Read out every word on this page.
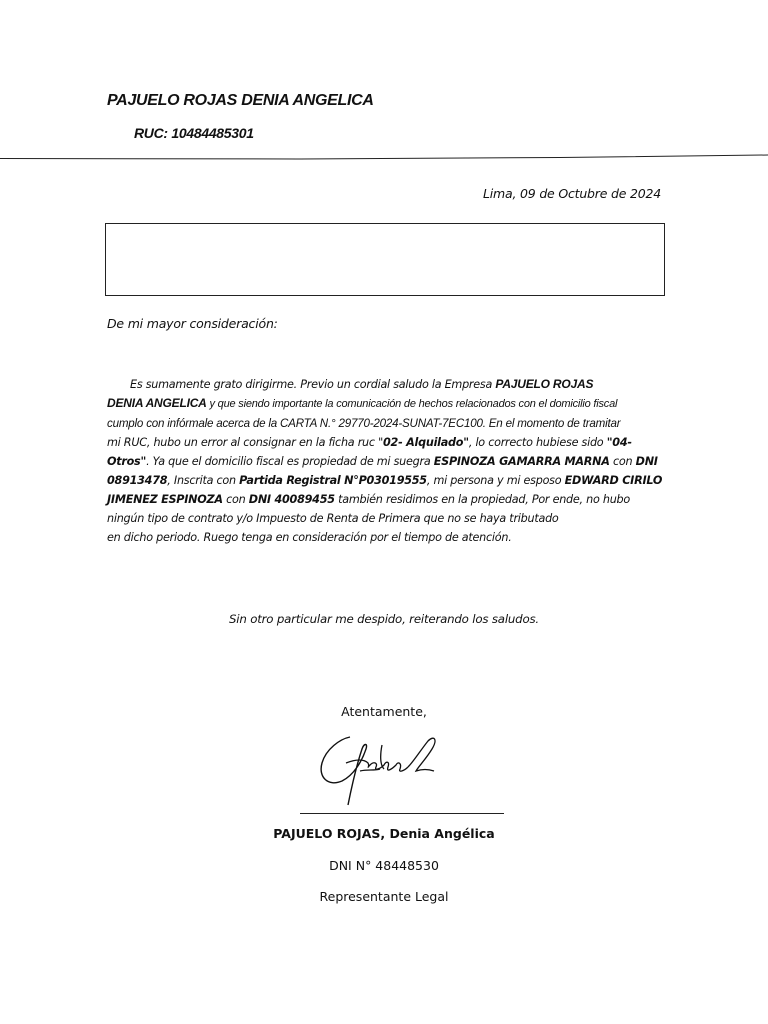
PAJUELO ROJAS DENIA ANGELICA
RUC: 10484485301
Lima, 09 de Octubre de 2024
De mi mayor consideración:

Es sumamente grato dirigirme. Previo un cordial saludo la Empresa PAJUELO ROJAS

DENIA ANGELICA y que siendo importante la comunicación de hechos relacionados con el domicilio fiscal

cumplo con infórmale acerca de la CARTA N.° 29770-2024-SUNAT-7EC100. En el momento de tramitar

mi RUC, hubo un error al consignar en la ficha ruc "02- Alquilado", lo correcto hubiese sido "04-

Otros". Ya que el domicilio fiscal es propiedad de mi suegra ESPINOZA GAMARRA MARNA con DNI

08913478, Inscrita con Partida Registral N°P03019555, mi persona y mi esposo EDWARD CIRILO

JIMENEZ ESPINOZA con DNI 40089455 también residimos en la propiedad, Por ende, no hubo

ningún tipo de contrato y/o Impuesto de Renta de Primera que no se haya tributado

en dicho periodo. Ruego tenga en consideración por el tiempo de atención.

Sin otro particular me despido, reiterando los saludos.
Atentamente,
PAJUELO ROJAS, Denia Angélica
DNI N° 48448530
Representante Legal
